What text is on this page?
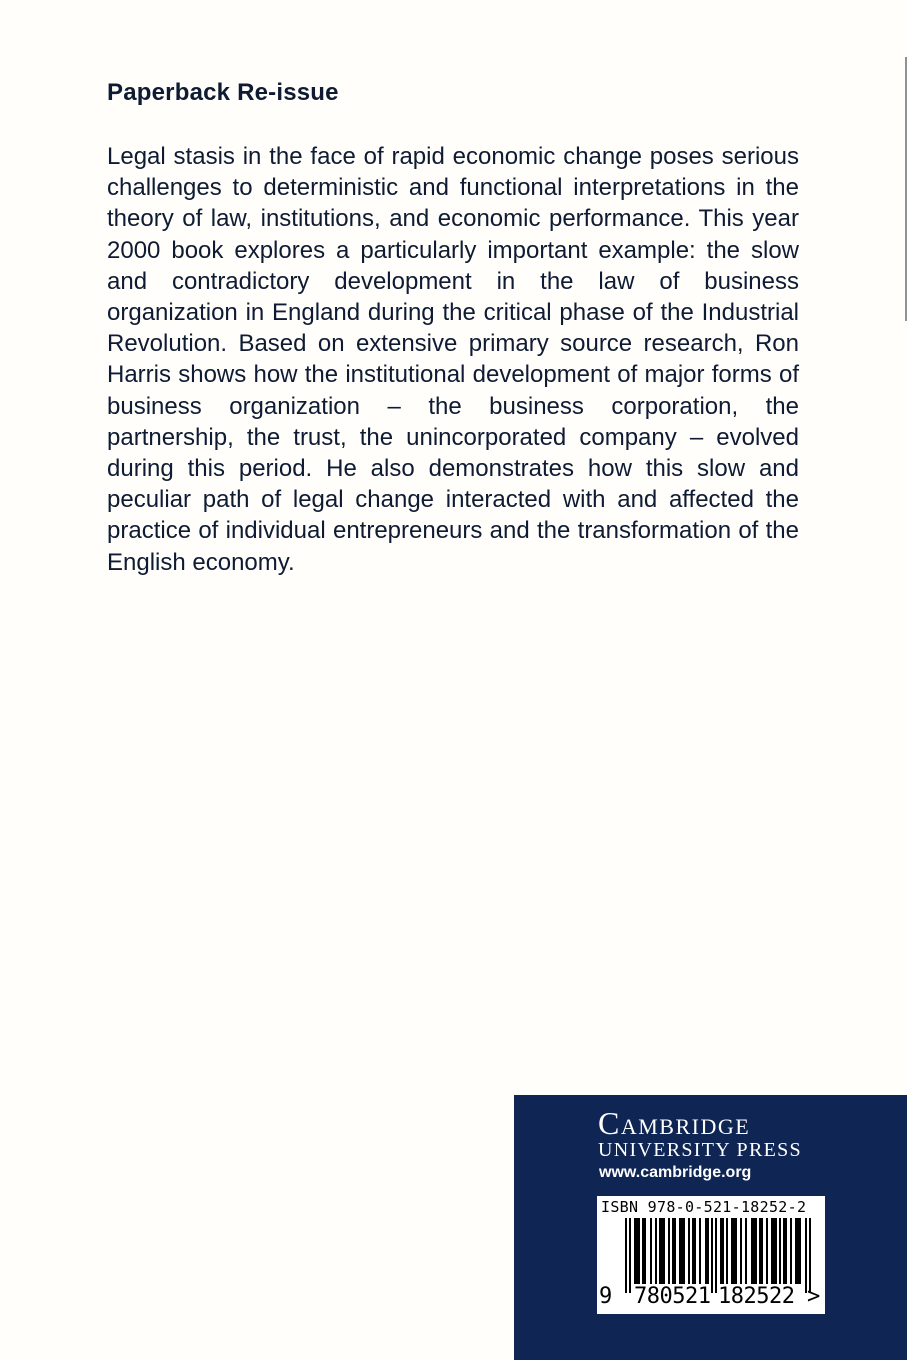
Paperback Re-issue
Legal stasis in the face of rapid economic change poses serious challenges to deterministic and functional interpretations in the theory of law, institutions, and economic performance. This year 2000 book explores a particularly important example: the slow and contradictory development in the law of business organization in England during the critical phase of the Industrial Revolution. Based on extensive primary source research, Ron Harris shows how the institutional development of major forms of business organization – the business corporation, the partnership, the trust, the unincorporated company – evolved during this period. He also demonstrates how this slow and peculiar path of legal change interacted with and affected the practice of individual entrepreneurs and the transformation of the English economy.
Cambridge
UNIVERSITY PRESS
www.cambridge.org
ISBN 978-0-521-18252-2
9 780521 182522 >
